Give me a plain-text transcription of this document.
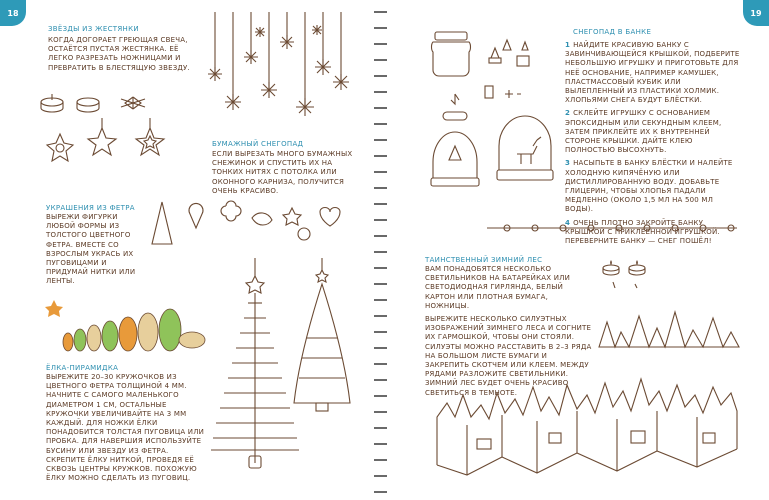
18
ЗВЁЗДЫ ИЗ ЖЕСТЯНКИ
КОГДА ДОГОРАЕТ ГРЕЮЩАЯ СВЕЧА, ОСТАЁТСЯ ПУСТАЯ ЖЕСТЯНКА. ЕЁ ЛЕГКО РАЗРЕЗАТЬ НОЖНИЦАМИ И ПРЕВРАТИТЬ В БЛЕСТЯЩУЮ ЗВЕЗДУ.
БУМАЖНЫЙ СНЕГОПАД
ЕСЛИ ВЫРЕЗАТЬ МНОГО БУМАЖНЫХ СНЕЖИНОК И СПУСТИТЬ ИХ НА ТОНКИХ НИТЯХ С ПОТОЛКА ИЛИ ОКОННОГО КАРНИЗА, ПОЛУЧИТСЯ ОЧЕНЬ КРАСИВО.
УКРАШЕНИЯ ИЗ ФЕТРА
ВЫРЕЖИ ФИГУРКИ ЛЮБОЙ ФОРМЫ ИЗ ТОЛСТОГО ЦВЕТНОГО ФЕТРА. ВМЕСТЕ СО ВЗРОСЛЫМ УКРАСЬ ИХ ПУГОВИЦАМИ И ПРИДУМАЙ НИТКИ ИЛИ ЛЕНТЫ.
ЁЛКА-ПИРАМИДКА
ВЫРЕЖИТЕ 20–30 КРУЖОЧКОВ ИЗ ЦВЕТНОГО ФЕТРА ТОЛЩИНОЙ 4 ММ. НАЧНИТЕ С САМОГО МАЛЕНЬКОГО ДИАМЕТРОМ 1 СМ, ОСТАЛЬНЫЕ КРУЖОЧКИ УВЕЛИЧИВАЙТЕ НА 3 ММ КАЖДЫЙ. ДЛЯ НОЖКИ ЁЛКИ ПОНАДОБИТСЯ ТОЛСТАЯ ПУГОВИЦА ИЛИ ПРОБКА. ДЛЯ НАВЕРШИЯ ИСПОЛЬЗУЙТЕ БУСИНУ ИЛИ ЗВЕЗДУ ИЗ ФЕТРА. СКРЕПИТЕ ЁЛКУ НИТКОЙ, ПРОВЕДЯ ЕЁ СКВОЗЬ ЦЕНТРЫ КРУЖКОВ. ПОХОЖУЮ ЁЛКУ МОЖНО СДЕЛАТЬ ИЗ ПУГОВИЦ.
19
СНЕГОПАД В БАНКЕ

1 НАЙДИТЕ КРАСИВУЮ БАНКУ С ЗАВИНЧИВАЮЩЕЙСЯ КРЫШКОЙ, ПОДБЕРИТЕ НЕБОЛЬШУЮ ИГРУШКУ И ПРИГОТОВЬТЕ ДЛЯ НЕЁ ОСНОВАНИЕ, НАПРИМЕР КАМУШЕК, ПЛАСТМАССОВЫЙ КУБИК ИЛИ ВЫЛЕПЛЕННЫЙ ИЗ ПЛАСТИКИ ХОЛМИК. ХЛОПЬЯМИ СНЕГА БУДУТ БЛЁСТКИ.

2 СКЛЕЙТЕ ИГРУШКУ С ОСНОВАНИЕМ ЭПОКСИДНЫМ ИЛИ СЕКУНДНЫМ КЛЕЕМ, ЗАТЕМ ПРИКЛЕЙТЕ ИХ К ВНУТРЕННЕЙ СТОРОНЕ КРЫШКИ. ДАЙТЕ КЛЕЮ ПОЛНОСТЬЮ ВЫСОХНУТЬ.

3 НАСЫПЬТЕ В БАНКУ БЛЁСТКИ И НАЛЕЙТЕ ХОЛОДНУЮ КИПЯЧЁНУЮ ИЛИ ДИСТИЛЛИРОВАННУЮ ВОДУ. ДОБАВЬТЕ ГЛИЦЕРИН, ЧТОБЫ ХЛОПЬЯ ПАДАЛИ МЕДЛЕННО (ОКОЛО 1,5 МЛ НА 500 МЛ ВОДЫ).

4 ОЧЕНЬ ПЛОТНО ЗАКРОЙТЕ БАНКУ КРЫШКОЙ С ПРИКЛЕЕННОЙ ИГРУШКОЙ. ПЕРЕВЕРНИТЕ БАНКУ — СНЕГ ПОШЁЛ!

ТАИНСТВЕННЫЙ ЗИМНИЙ ЛЕС

ВАМ ПОНАДОБЯТСЯ НЕСКОЛЬКО СВЕТИЛЬНИКОВ НА БАТАРЕЙКАХ ИЛИ СВЕТОДИОДНАЯ ГИРЛЯНДА, БЕЛЫЙ КАРТОН ИЛИ ПЛОТНАЯ БУМАГА, НОЖНИЦЫ.

ВЫРЕЖИТЕ НЕСКОЛЬКО СИЛУЭТНЫХ ИЗОБРАЖЕНИЙ ЗИМНЕГО ЛЕСА И СОГНИТЕ ИХ ГАРМОШКОЙ, ЧТОБЫ ОНИ СТОЯЛИ. СИЛУЭТЫ МОЖНО РАССТАВИТЬ В 2–3 РЯДА НА БОЛЬШОМ ЛИСТЕ БУМАГИ И ЗАКРЕПИТЬ СКОТЧЕМ ИЛИ КЛЕЕМ. МЕЖДУ РЯДАМИ РАЗЛОЖИТЕ СВЕТИЛЬНИКИ. ЗИМНИЙ ЛЕС БУДЕТ ОЧЕНЬ КРАСИВО СВЕТИТЬСЯ В ТЕМНОТЕ.
